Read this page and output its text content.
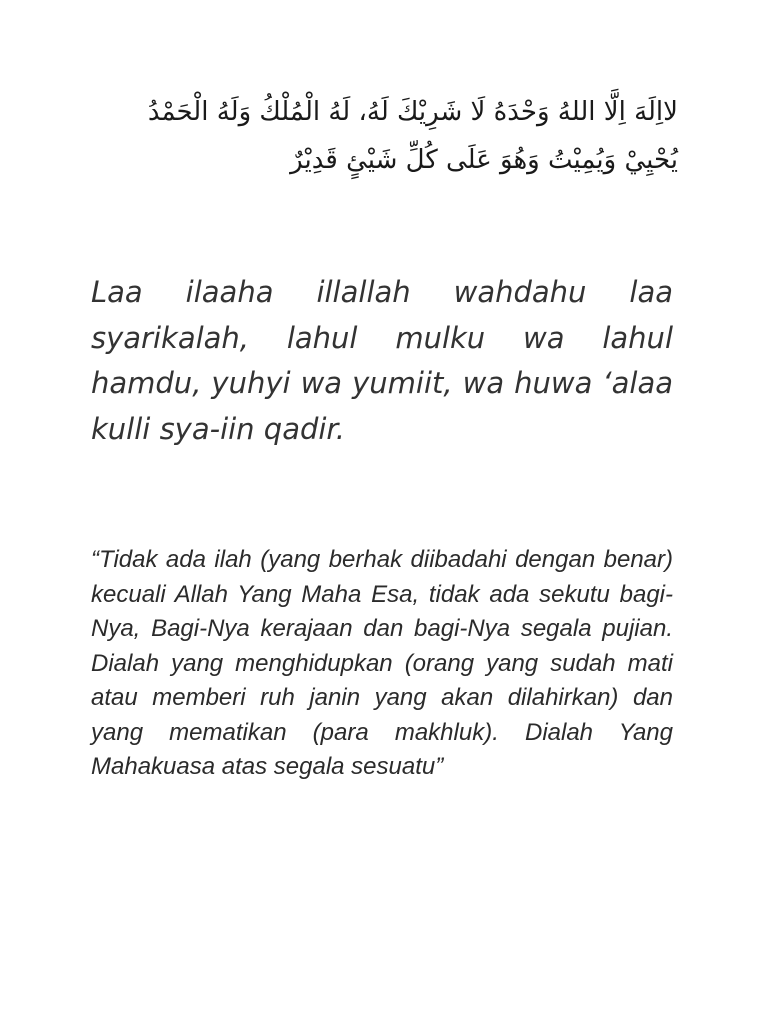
لااِلَهَ اِلَّا اللهُ وَحْدَهُ لَا شَرِيْكَ لَهُ، لَهُ الْمُلْكُ وَلَهُ الْحَمْدُ
يُحْيِيْ وَيُمِيْتُ وَهُوَ عَلَى كُلِّ شَيْئٍ قَدِيْرٌ

Laa ilaaha illallah wahdahu laa syarikalah, lahul mulku wa lahul hamdu, yuhyi wa yumiit, wa huwa ‘alaa kulli sya-iin qadir.

“Tidak ada ilah (yang berhak diibadahi dengan benar) kecuali Allah Yang Maha Esa, tidak ada sekutu bagi-Nya, Bagi-Nya kerajaan dan bagi-Nya segala pujian. Dialah yang menghidupkan (orang yang sudah mati atau memberi ruh janin yang akan dilahirkan) dan yang mematikan (para makhluk). Dialah Yang Mahakuasa atas segala sesuatu”
